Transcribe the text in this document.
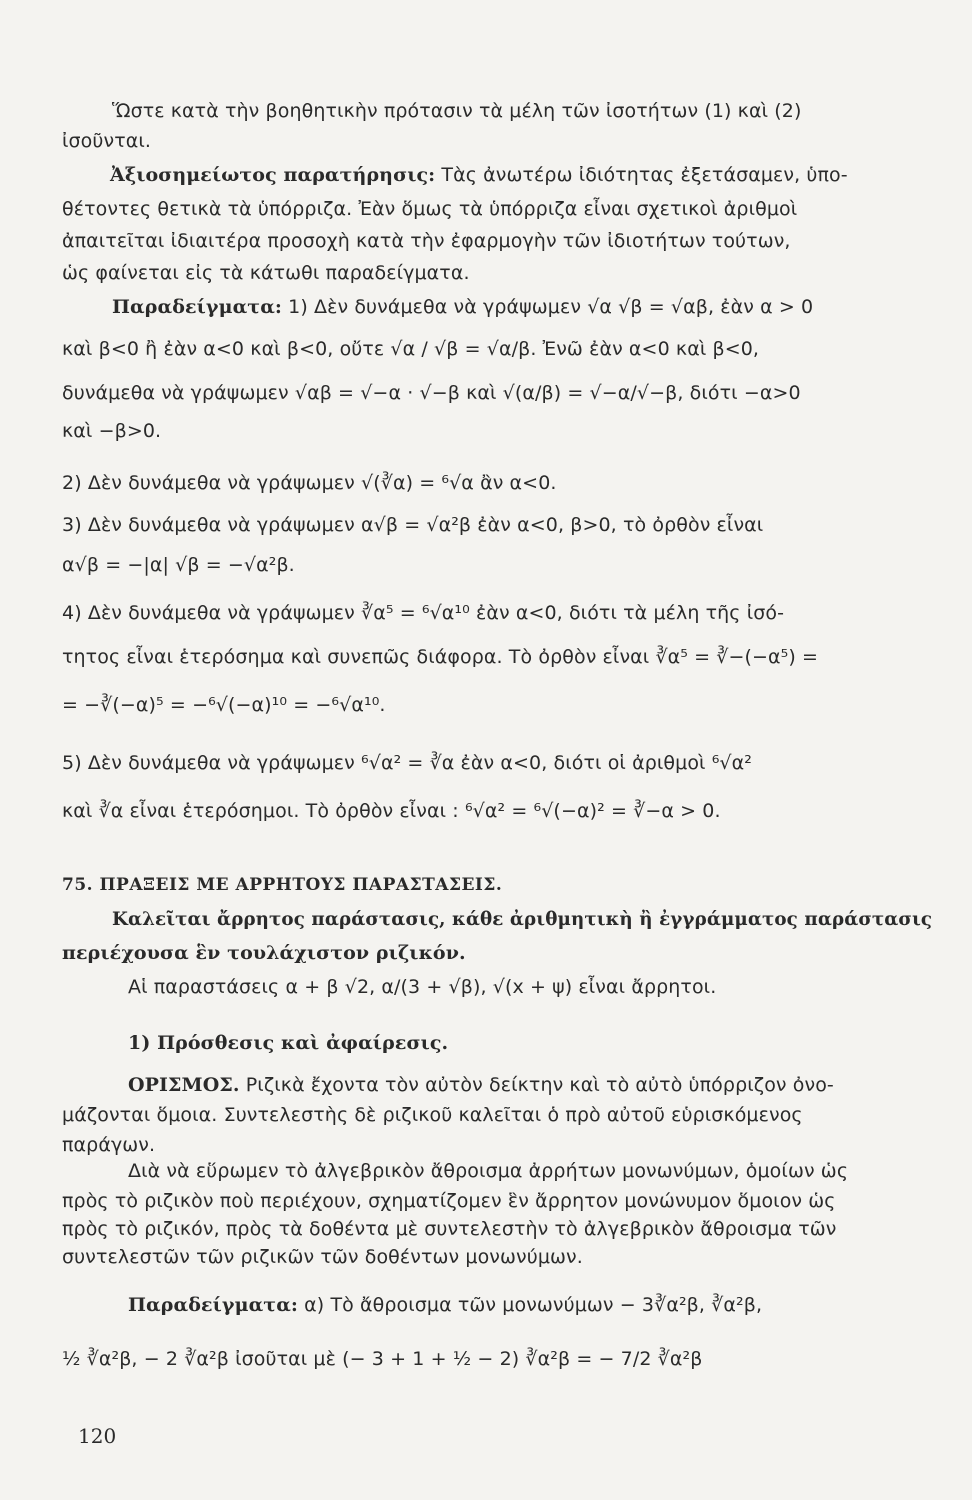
Ὥστε κατὰ τὴν βοηθητικὴν πρότασιν τὰ μέλη τῶν ἰσοτήτων (1) καὶ (2)
ἰσοῦνται.
Ἀξιοσημείωτος παρατήρησις: Τὰς ἀνωτέρω ἰδιότητας ἐξετάσαμεν, ὑπο-
θέτοντες θετικὰ τὰ ὑπόρριζα. Ἐὰν ὅμως τὰ ὑπόρριζα εἶναι σχετικοὶ ἀριθμοὶ
ἀπαιτεῖται ἰδιαιτέρα προσοχὴ κατὰ τὴν ἐφαρμογὴν τῶν ἰδιοτήτων τούτων,
ὡς φαίνεται εἰς τὰ κάτωθι παραδείγματα.
Παραδείγματα: 1) Δὲν δυνάμεθα νὰ γράψωμεν √α √β = √αβ, ἐὰν α > 0
καὶ β<0 ἢ ἐὰν α<0 καὶ β<0, οὔτε √α / √β = √α/β. Ἐνῶ ἐὰν α<0 καὶ β<0,
δυνάμεθα νὰ γράψωμεν √αβ = √−α · √−β καὶ √(α/β) = √−α/√−β, διότι −α>0
καὶ −β>0.
2) Δὲν δυνάμεθα νὰ γράψωμεν √(∛α) = ⁶√α ἂν α<0.
3) Δὲν δυνάμεθα νὰ γράψωμεν α√β = √α²β ἐὰν α<0, β>0, τὸ ὀρθὸν εἶναι
α√β = −|α| √β = −√α²β.
4) Δὲν δυνάμεθα νὰ γράψωμεν ∛α⁵ = ⁶√α¹⁰ ἐὰν α<0, διότι τὰ μέλη τῆς ἰσό-
τητος εἶναι ἑτερόσημα καὶ συνεπῶς διάφορα. Τὸ ὀρθὸν εἶναι ∛α⁵ = ∛−(−α⁵) =
= −∛(−α)⁵ = −⁶√(−α)¹⁰ = −⁶√α¹⁰.
5) Δὲν δυνάμεθα νὰ γράψωμεν ⁶√α² = ∛α ἐὰν α<0, διότι οἱ ἀριθμοὶ ⁶√α²
καὶ ∛α εἶναι ἑτερόσημοι. Τὸ ὀρθὸν εἶναι : ⁶√α² = ⁶√(−α)² = ∛−α > 0.
75. ΠΡΑΞΕΙΣ ΜΕ ΑΡΡΗΤΟΥΣ ΠΑΡΑΣΤΑΣΕΙΣ.
Καλεῖται ἄρρητος παράστασις, κάθε ἀριθμητικὴ ἢ ἐγγράμματος παράστασις
περιέχουσα ἓν τουλάχιστον ριζικόν.
Αἱ παραστάσεις α + β √2, α/(3 + √β), √(x + ψ) εἶναι ἄρρητοι.
1) Πρόσθεσις καὶ ἀφαίρεσις.
ΟΡΙΣΜΟΣ. Ριζικὰ ἔχοντα τὸν αὐτὸν δείκτην καὶ τὸ αὐτὸ ὑπόρριζον ὀνο-
μάζονται ὅμοια. Συντελεστὴς δὲ ριζικοῦ καλεῖται ὁ πρὸ αὐτοῦ εὑρισκόμενος
παράγων.
Διὰ νὰ εὕρωμεν τὸ ἀλγεβρικὸν ἄθροισμα ἀρρήτων μονωνύμων, ὁμοίων ὡς
πρὸς τὸ ριζικὸν ποὺ περιέχουν, σχηματίζομεν ἓν ἄρρητον μονώνυμον ὅμοιον ὡς
πρὸς τὸ ριζικόν, πρὸς τὰ δοθέντα μὲ συντελεστὴν τὸ ἀλγεβρικὸν ἄθροισμα τῶν
συντελεστῶν τῶν ριζικῶν τῶν δοθέντων μονωνύμων.
Παραδείγματα: α) Τὸ ἄθροισμα τῶν μονωνύμων − 3∛α²β, ∛α²β,
½ ∛α²β, − 2 ∛α²β ἰσοῦται μὲ (− 3 + 1 + ½ − 2) ∛α²β = − 7/2 ∛α²β
120
